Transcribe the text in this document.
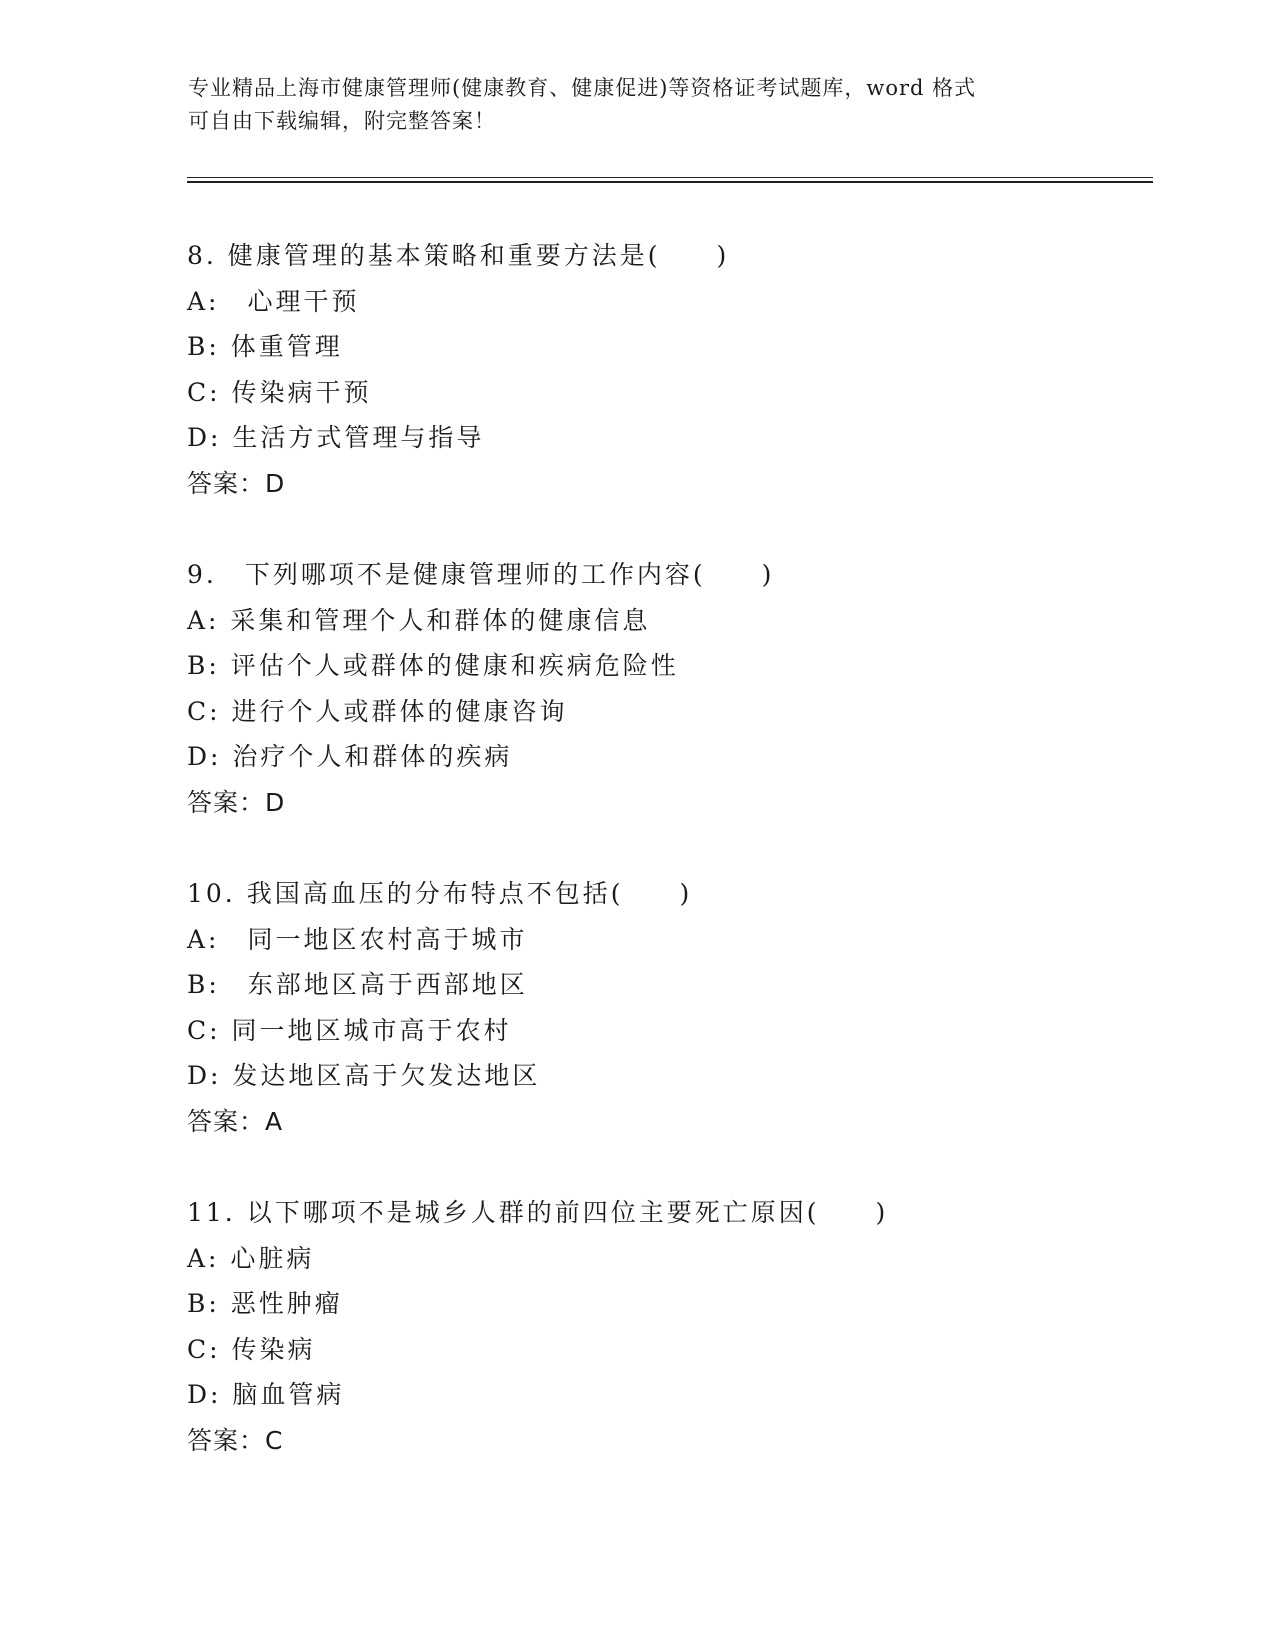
专业精品上海市健康管理师(健康教育、健康促进)等资格证考试题库，word 格式
可自由下载编辑，附完整答案！
8. 健康管理的基本策略和重要方法是(　　)
A:　心理干预
B: 体重管理
C: 传染病干预
D: 生活方式管理与指导
答案：D
9.　下列哪项不是健康管理师的工作内容(　　)
A: 采集和管理个人和群体的健康信息
B: 评估个人或群体的健康和疾病危险性
C: 进行个人或群体的健康咨询
D: 治疗个人和群体的疾病
答案：D
10. 我国高血压的分布特点不包括(　　)
A:　同一地区农村高于城市
B:　东部地区高于西部地区
C: 同一地区城市高于农村
D: 发达地区高于欠发达地区
答案：A
11. 以下哪项不是城乡人群的前四位主要死亡原因(　　)
A: 心脏病
B: 恶性肿瘤
C: 传染病
D: 脑血管病
答案：C
